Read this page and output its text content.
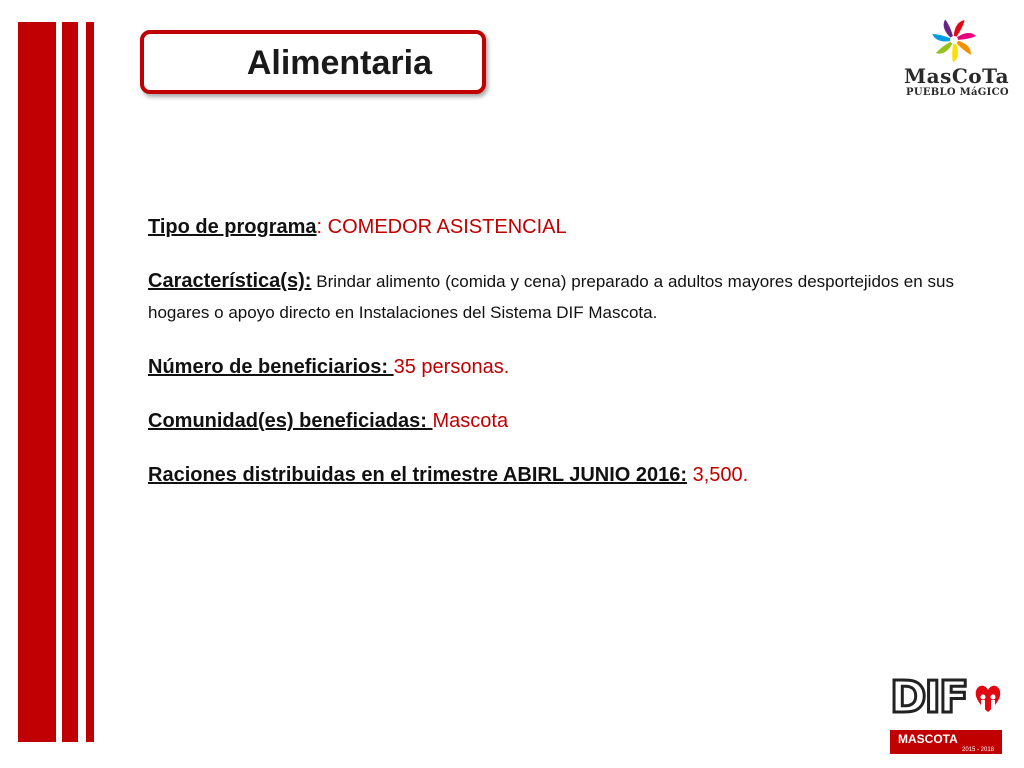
Alimentaria	MasCoTa
PUEBLO MáGICO

Tipo de programa: COMEDOR ASISTENCIAL

Característica(s): Brindar alimento (comida y cena) preparado a adultos mayores desportejidos en sus hogares o apoyo directo en Instalaciones del Sistema DIF Mascota.

Número de beneficiarios: 35 personas.

Comunidad(es) beneficiadas: Mascota

Raciones distribuidas en el trimestre ABIRL JUNIO 2016: 3,500.

DIF
MASCOTA
2015 - 2018
